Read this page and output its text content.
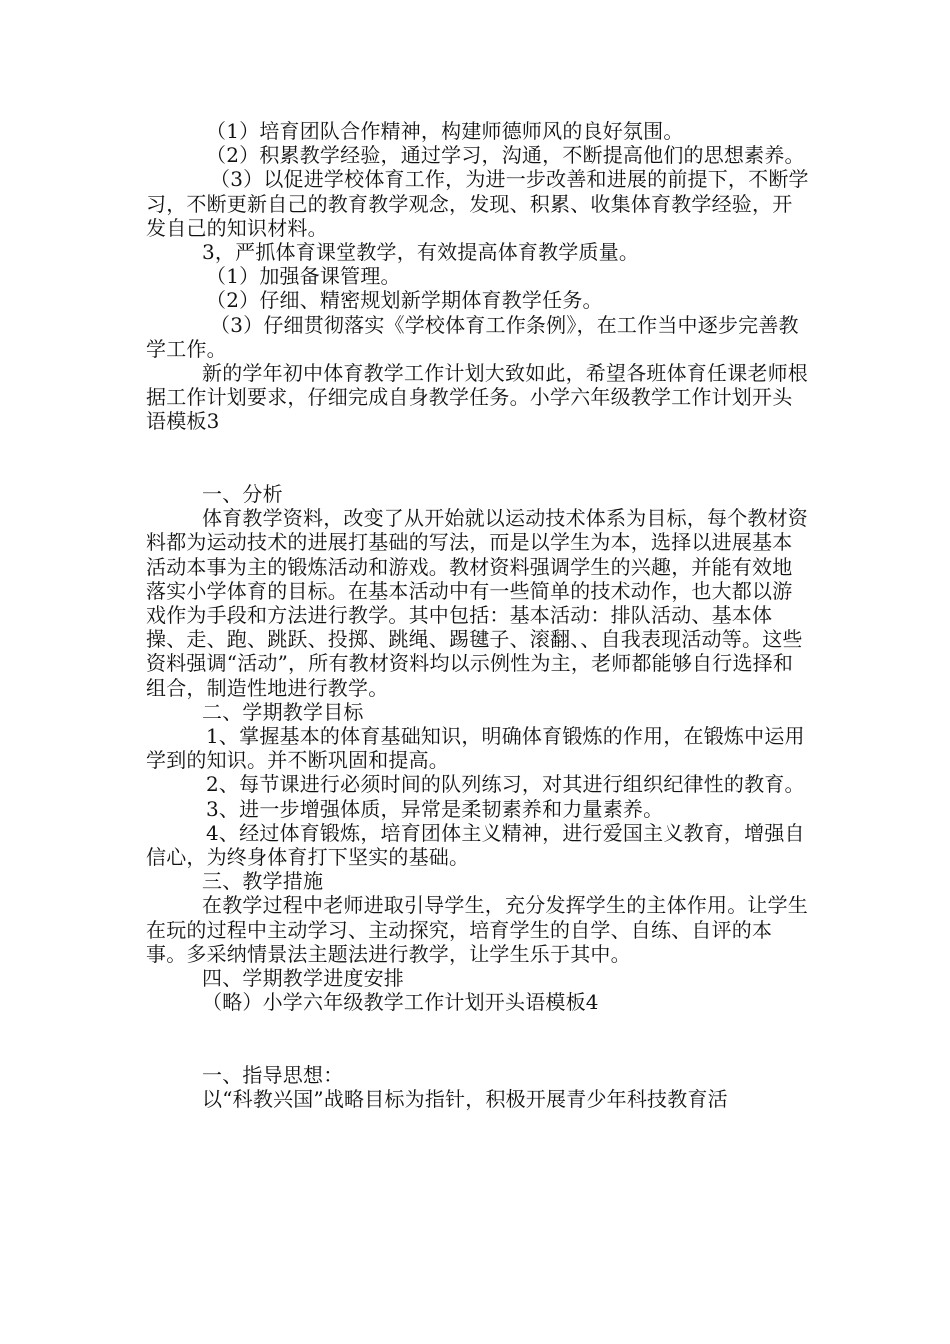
（1）培育团队合作精神，构建师德师风的良好氛围。

（2）积累教学经验，通过学习，沟通，不断提高他们的思想素养。

（3）以促进学校体育工作，为进一步改善和进展的前提下，不断学习，不断更新自己的教育教学观念，发现、积累、收集体育教学经验，开发自己的知识材料。

3，严抓体育课堂教学，有效提高体育教学质量。

（1）加强备课管理。

（2）仔细、精密规划新学期体育教学任务。

（3）仔细贯彻落实《学校体育工作条例》，在工作当中逐步完善教学工作。

新的学年初中体育教学工作计划大致如此，希望各班体育任课老师根据工作计划要求，仔细完成自身教学任务。小学六年级教学工作计划开头语模板3

一、分析

体育教学资料，改变了从开始就以运动技术体系为目标，每个教材资料都为运动技术的进展打基础的写法，而是以学生为本，选择以进展基本活动本事为主的锻炼活动和游戏。教材资料强调学生的兴趣，并能有效地落实小学体育的目标。在基本活动中有一些简单的技术动作，也大都以游戏作为手段和方法进行教学。其中包括：基本活动：排队活动、基本体操、走、跑、跳跃、投掷、跳绳、踢毽子、滚翻、、自我表现活动等。这些资料强调“活动”，所有教材资料均以示例性为主，老师都能够自行选择和组合，制造性地进行教学。

二、学期教学目标

1、掌握基本的体育基础知识，明确体育锻炼的作用，在锻炼中运用学到的知识。并不断巩固和提高。

2、每节课进行必须时间的队列练习，对其进行组织纪律性的教育。

3、进一步增强体质，异常是柔韧素养和力量素养。

4、经过体育锻炼，培育团体主义精神，进行爱国主义教育，增强自信心，为终身体育打下坚实的基础。

三、教学措施

在教学过程中老师进取引导学生，充分发挥学生的主体作用。让学生在玩的过程中主动学习、主动探究，培育学生的自学、自练、自评的本事。多采纳情景法主题法进行教学，让学生乐于其中。

四、学期教学进度安排

（略）小学六年级教学工作计划开头语模板4

一、指导思想：

以“科教兴国”战略目标为指针，积极开展青少年科技教育活
